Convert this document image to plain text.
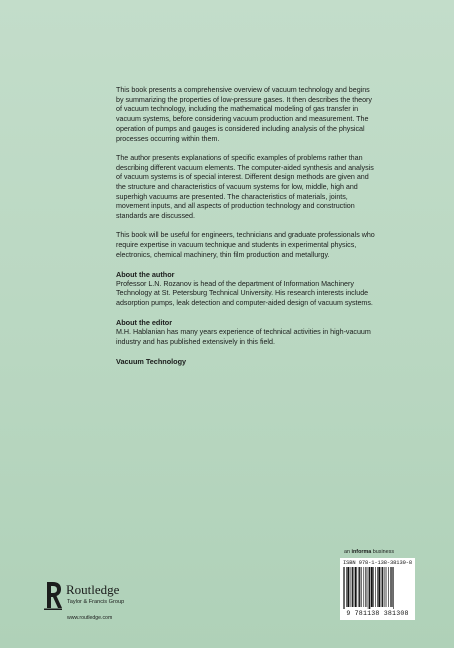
This book presents a comprehensive overview of vacuum technology and begins by summarizing the properties of low-pressure gases. It then describes the theory of vacuum technology, including the mathematical modeling of gas transfer in vacuum systems, before considering vacuum production and measurement. The operation of pumps and gauges is considered including analysis of the physical processes occurring within them.

The author presents explanations of specific examples of problems rather than describing different vacuum elements. The computer-aided synthesis and analysis of vacuum systems is of special interest. Different design methods are given and the structure and characteristics of vacuum systems for low, middle, high and superhigh vacuums are presented. The characteristics of materials, joints, movement inputs, and all aspects of production technology and construction standards are discussed.

This book will be useful for engineers, technicians and graduate professionals who require expertise in vacuum technique and students in experimental physics, electronics, chemical machinery, thin film production and metallurgy.

About the author

Professor L.N. Rozanov is head of the department of Information Machinery Technology at St. Petersburg Technical University. His research interests include adsorption pumps, leak detection and computer-aided design of vacuum systems.

About the editor

M.H. Hablanian has many years experience of technical activities in high-vacuum industry and has published extensively in this field.

Vacuum Technology

an informa business
ISBN 978-1-138-38130-8
9 781138 381308
Routledge
Taylor & Francis Group
www.routledge.com
